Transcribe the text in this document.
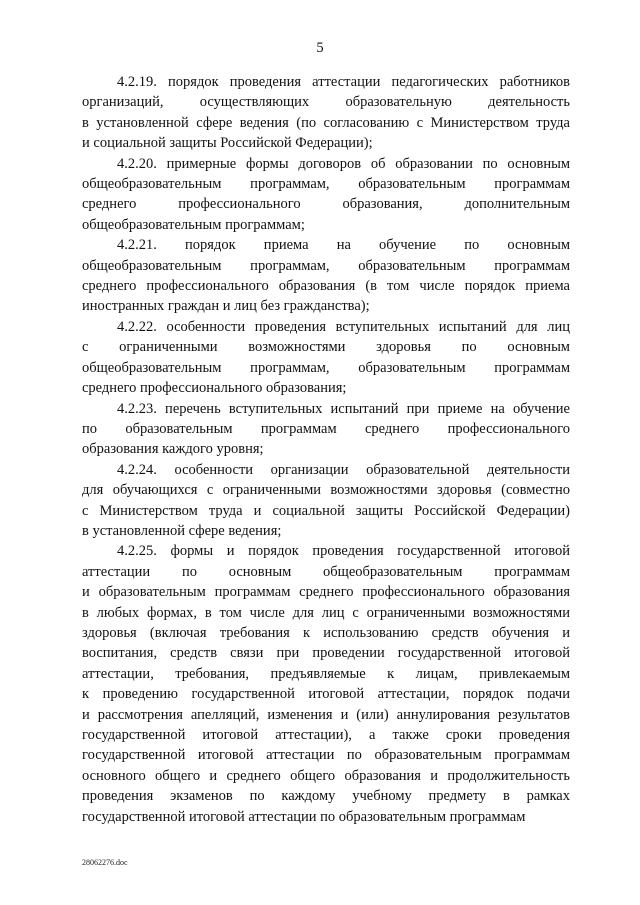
5

4.2.19. порядок проведения аттестации педагогических работников
организаций, осуществляющих образовательную деятельность
в установленной сфере ведения (по согласованию с Министерством труда
и социальной защиты Российской Федерации);

4.2.20. примерные формы договоров об образовании по основным
общеобразовательным программам, образовательным программам
среднего профессионального образования, дополнительным
общеобразовательным программам;

4.2.21. порядок приема на обучение по основным
общеобразовательным программам, образовательным программам
среднего профессионального образования (в том числе порядок приема
иностранных граждан и лиц без гражданства);

4.2.22. особенности проведения вступительных испытаний для лиц
с ограниченными возможностями здоровья по основным
общеобразовательным программам, образовательным программам
среднего профессионального образования;

4.2.23. перечень вступительных испытаний при приеме на обучение
по образовательным программам среднего профессионального
образования каждого уровня;

4.2.24. особенности организации образовательной деятельности
для обучающихся с ограниченными возможностями здоровья (совместно
с Министерством труда и социальной защиты Российской Федерации)
в установленной сфере ведения;

4.2.25. формы и порядок проведения государственной итоговой
аттестации по основным общеобразовательным программам
и образовательным программам среднего профессионального образования
в любых формах, в том числе для лиц с ограниченными возможностями
здоровья (включая требования к использованию средств обучения и
воспитания, средств связи при проведении государственной итоговой
аттестации, требования, предъявляемые к лицам, привлекаемым
к проведению государственной итоговой аттестации, порядок подачи
и рассмотрения апелляций, изменения и (или) аннулирования результатов
государственной итоговой аттестации), а также сроки проведения
государственной итоговой аттестации по образовательным программам
основного общего и среднего общего образования и продолжительность
проведения экзаменов по каждому учебному предмету в рамках
государственной итоговой аттестации по образовательным программам

28062276.doc
